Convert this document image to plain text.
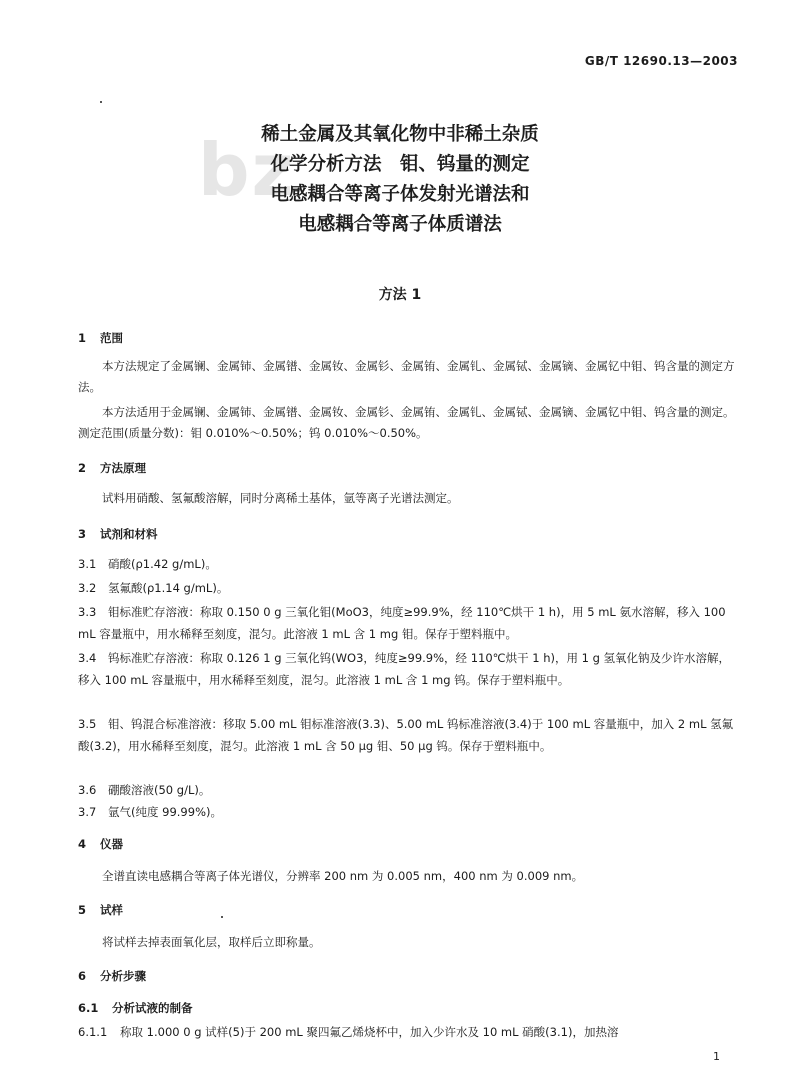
GB/T 12690.13—2003
bz
稀土金属及其氧化物中非稀土杂质
化学分析方法　钼、钨量的测定
电感耦合等离子体发射光谱法和
电感耦合等离子体质谱法
方法 1
1 范围
本方法规定了金属镧、金属铈、金属镨、金属钕、金属钐、金属铕、金属钆、金属铽、金属镝、金属钇中钼、钨含量的测定方法。
本方法适用于金属镧、金属铈、金属镨、金属钕、金属钐、金属铕、金属钆、金属铽、金属镝、金属钇中钼、钨含量的测定。测定范围(质量分数)：钼 0.010%～0.50%；钨 0.010%～0.50%。
2 方法原理
试料用硝酸、氢氟酸溶解，同时分离稀土基体，氩等离子光谱法测定。
3 试剂和材料
3.1 硝酸(ρ1.42 g/mL)。
3.2 氢氟酸(ρ1.14 g/mL)。
3.3 钼标准贮存溶液：称取 0.150 0 g 三氧化钼(MoO3，纯度≥99.9%，经 110℃烘干 1 h)，用 5 mL 氨水溶解，移入 100 mL 容量瓶中，用水稀释至刻度，混匀。此溶液 1 mL 含 1 mg 钼。保存于塑料瓶中。
3.4 钨标准贮存溶液：称取 0.126 1 g 三氧化钨(WO3，纯度≥99.9%，经 110℃烘干 1 h)，用 1 g 氢氧化钠及少许水溶解，移入 100 mL 容量瓶中，用水稀释至刻度，混匀。此溶液 1 mL 含 1 mg 钨。保存于塑料瓶中。
3.5 钼、钨混合标准溶液：移取 5.00 mL 钼标准溶液(3.3)、5.00 mL 钨标准溶液(3.4)于 100 mL 容量瓶中，加入 2 mL 氢氟酸(3.2)，用水稀释至刻度，混匀。此溶液 1 mL 含 50 μg 钼、50 μg 钨。保存于塑料瓶中。
3.6 硼酸溶液(50 g/L)。
3.7 氩气(纯度 99.99%)。
4 仪器
全谱直读电感耦合等离子体光谱仪，分辨率 200 nm 为 0.005 nm，400 nm 为 0.009 nm。
5 试样
将试样去掉表面氧化层，取样后立即称量。
6 分析步骤
6.1 分析试液的制备
6.1.1 称取 1.000 0 g 试样(5)于 200 mL 聚四氟乙烯烧杯中，加入少许水及 10 mL 硝酸(3.1)，加热溶
1
